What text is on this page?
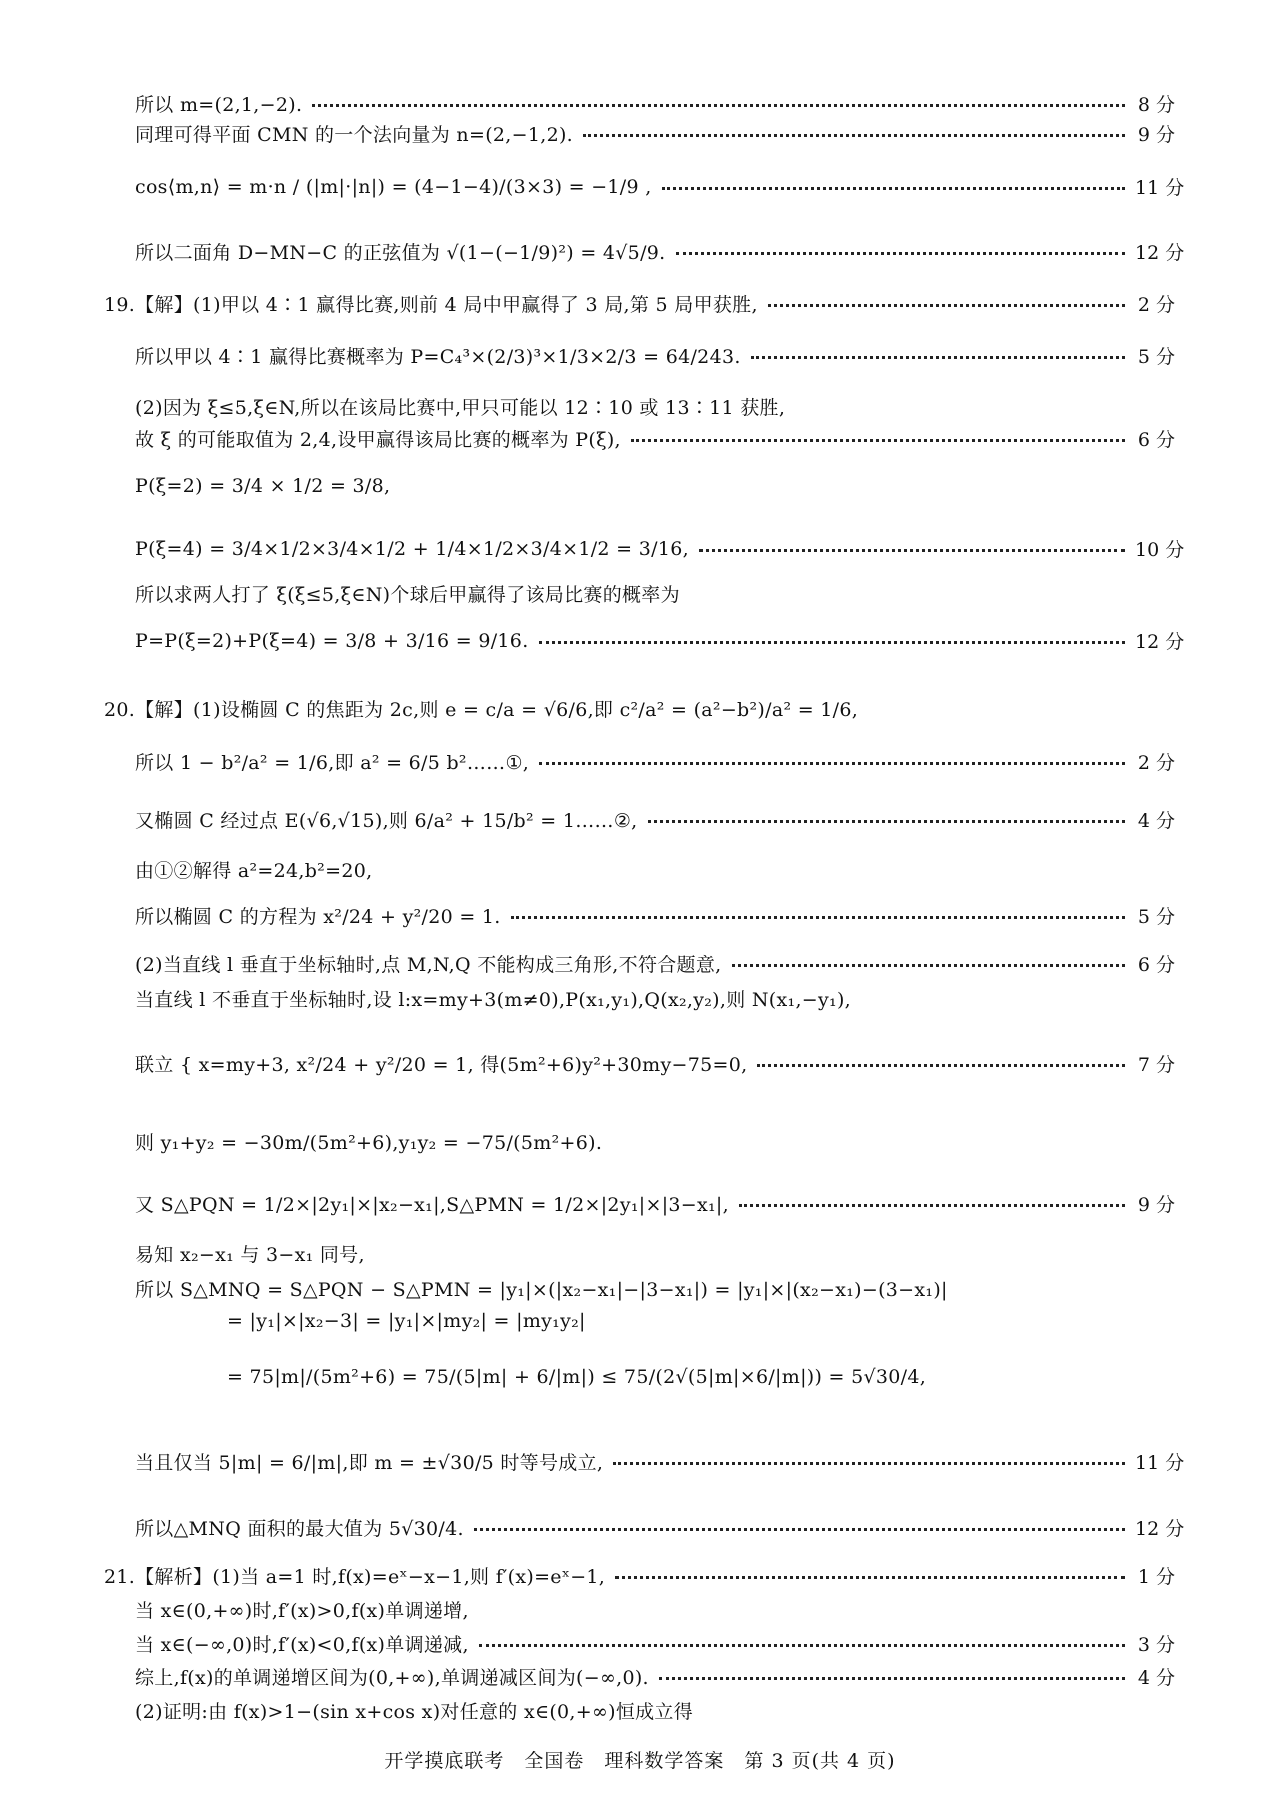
所以 m=(2,1,−2).	8 分
同理可得平面 CMN 的一个法向量为 n=(2,−1,2).	9 分
cos⟨m,n⟩ = m·n / (|m|·|n|) = (4−1−4)/(3×3) = −1/9 ,	11 分
所以二面角 D−MN−C 的正弦值为 √(1−(−1/9)²) = 4√5/9.	12 分
19.【解】(1)甲以 4∶1 赢得比赛,则前 4 局中甲赢得了 3 局,第 5 局甲获胜,	2 分
所以甲以 4∶1 赢得比赛概率为 P=C₄³×(2/3)³×1/3×2/3 = 64/243.	5 分
(2)因为 ξ≤5,ξ∈N,所以在该局比赛中,甲只可能以 12∶10 或 13∶11 获胜,
故 ξ 的可能取值为 2,4,设甲赢得该局比赛的概率为 P(ξ),	6 分
P(ξ=2) = 3/4 × 1/2 = 3/8,
P(ξ=4) = 3/4×1/2×3/4×1/2 + 1/4×1/2×3/4×1/2 = 3/16,	10 分
所以求两人打了 ξ(ξ≤5,ξ∈N)个球后甲赢得了该局比赛的概率为
P=P(ξ=2)+P(ξ=4) = 3/8 + 3/16 = 9/16.	12 分
20.【解】(1)设椭圆 C 的焦距为 2c,则 e = c/a = √6/6,即 c²/a² = (a²−b²)/a² = 1/6,
所以 1 − b²/a² = 1/6,即 a² = 6/5 b²……①,	2 分
又椭圆 C 经过点 E(√6,√15),则 6/a² + 15/b² = 1……②,	4 分
由①②解得 a²=24,b²=20,
所以椭圆 C 的方程为 x²/24 + y²/20 = 1.	5 分
(2)当直线 l 垂直于坐标轴时,点 M,N,Q 不能构成三角形,不符合题意,	6 分
当直线 l 不垂直于坐标轴时,设 l:x=my+3(m≠0),P(x₁,y₁),Q(x₂,y₂),则 N(x₁,−y₁),
联立 { x=my+3, x²/24 + y²/20 = 1, 得(5m²+6)y²+30my−75=0,	7 分
则 y₁+y₂ = −30m/(5m²+6),y₁y₂ = −75/(5m²+6).
又 S△PQN = 1/2×|2y₁|×|x₂−x₁|,S△PMN = 1/2×|2y₁|×|3−x₁|,	9 分
易知 x₂−x₁ 与 3−x₁ 同号,
所以 S△MNQ = S△PQN − S△PMN = |y₁|×(|x₂−x₁|−|3−x₁|) = |y₁|×|(x₂−x₁)−(3−x₁)|
= |y₁|×|x₂−3| = |y₁|×|my₂| = |my₁y₂|
= 75|m|/(5m²+6) = 75/(5|m| + 6/|m|) ≤ 75/(2√(5|m|×6/|m|)) = 5√30/4,
当且仅当 5|m| = 6/|m|,即 m = ±√30/5 时等号成立,	11 分
所以△MNQ 面积的最大值为 5√30/4.	12 分
21.【解析】(1)当 a=1 时,f(x)=eˣ−x−1,则 f′(x)=eˣ−1,	1 分
当 x∈(0,+∞)时,f′(x)>0,f(x)单调递增,
当 x∈(−∞,0)时,f′(x)<0,f(x)单调递减,	3 分
综上,f(x)的单调递增区间为(0,+∞),单调递减区间为(−∞,0).	4 分
(2)证明:由 f(x)>1−(sin x+cos x)对任意的 x∈(0,+∞)恒成立得
开学摸底联考　全国卷　理科数学答案　第 3 页(共 4 页)
